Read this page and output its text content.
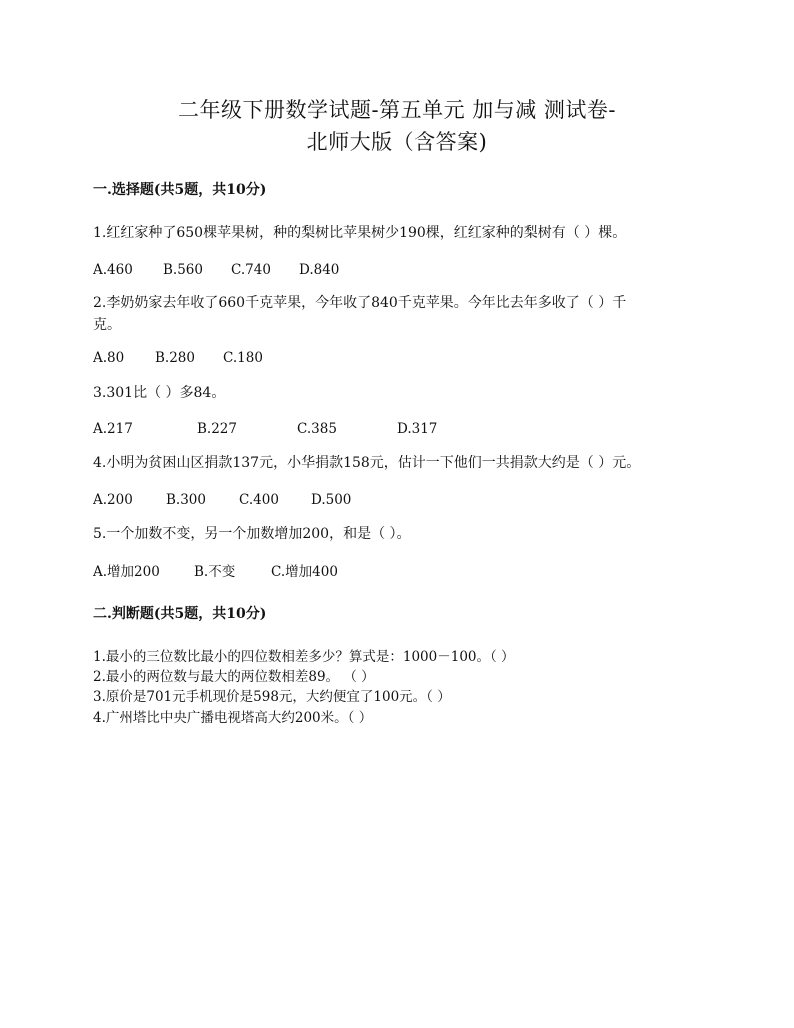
二年级下册数学试题-第五单元 加与减 测试卷-
北师大版（含答案)
一.选择题(共5题，共10分)
1.红红家种了650棵苹果树，种的梨树比苹果树少190棵，红红家种的梨树有（ ）棵。
A.460 B.560 C.740 D.840
2.李奶奶家去年收了660千克苹果，今年收了840千克苹果。今年比去年多收了（ ）千克。
A.80 B.280 C.180
3.301比（ ）多84。
A.217	B.227	C.385	D.317
4.小明为贫困山区捐款137元，小华捐款158元，估计一下他们一共捐款大约是（ ）元。
A.200 B.300 C.400 D.500
5.一个加数不变，另一个加数增加200，和是（ ）。
A.增加200	B.不变	C.增加400
二.判断题(共5题，共10分)
1.最小的三位数比最小的四位数相差多少？算式是：1000－100。（ ）
2.最小的两位数与最大的两位数相差89。 （ ）
3.原价是701元手机现价是598元，大约便宜了100元。（ ）
4.广州塔比中央广播电视塔高大约200米。（ ）
